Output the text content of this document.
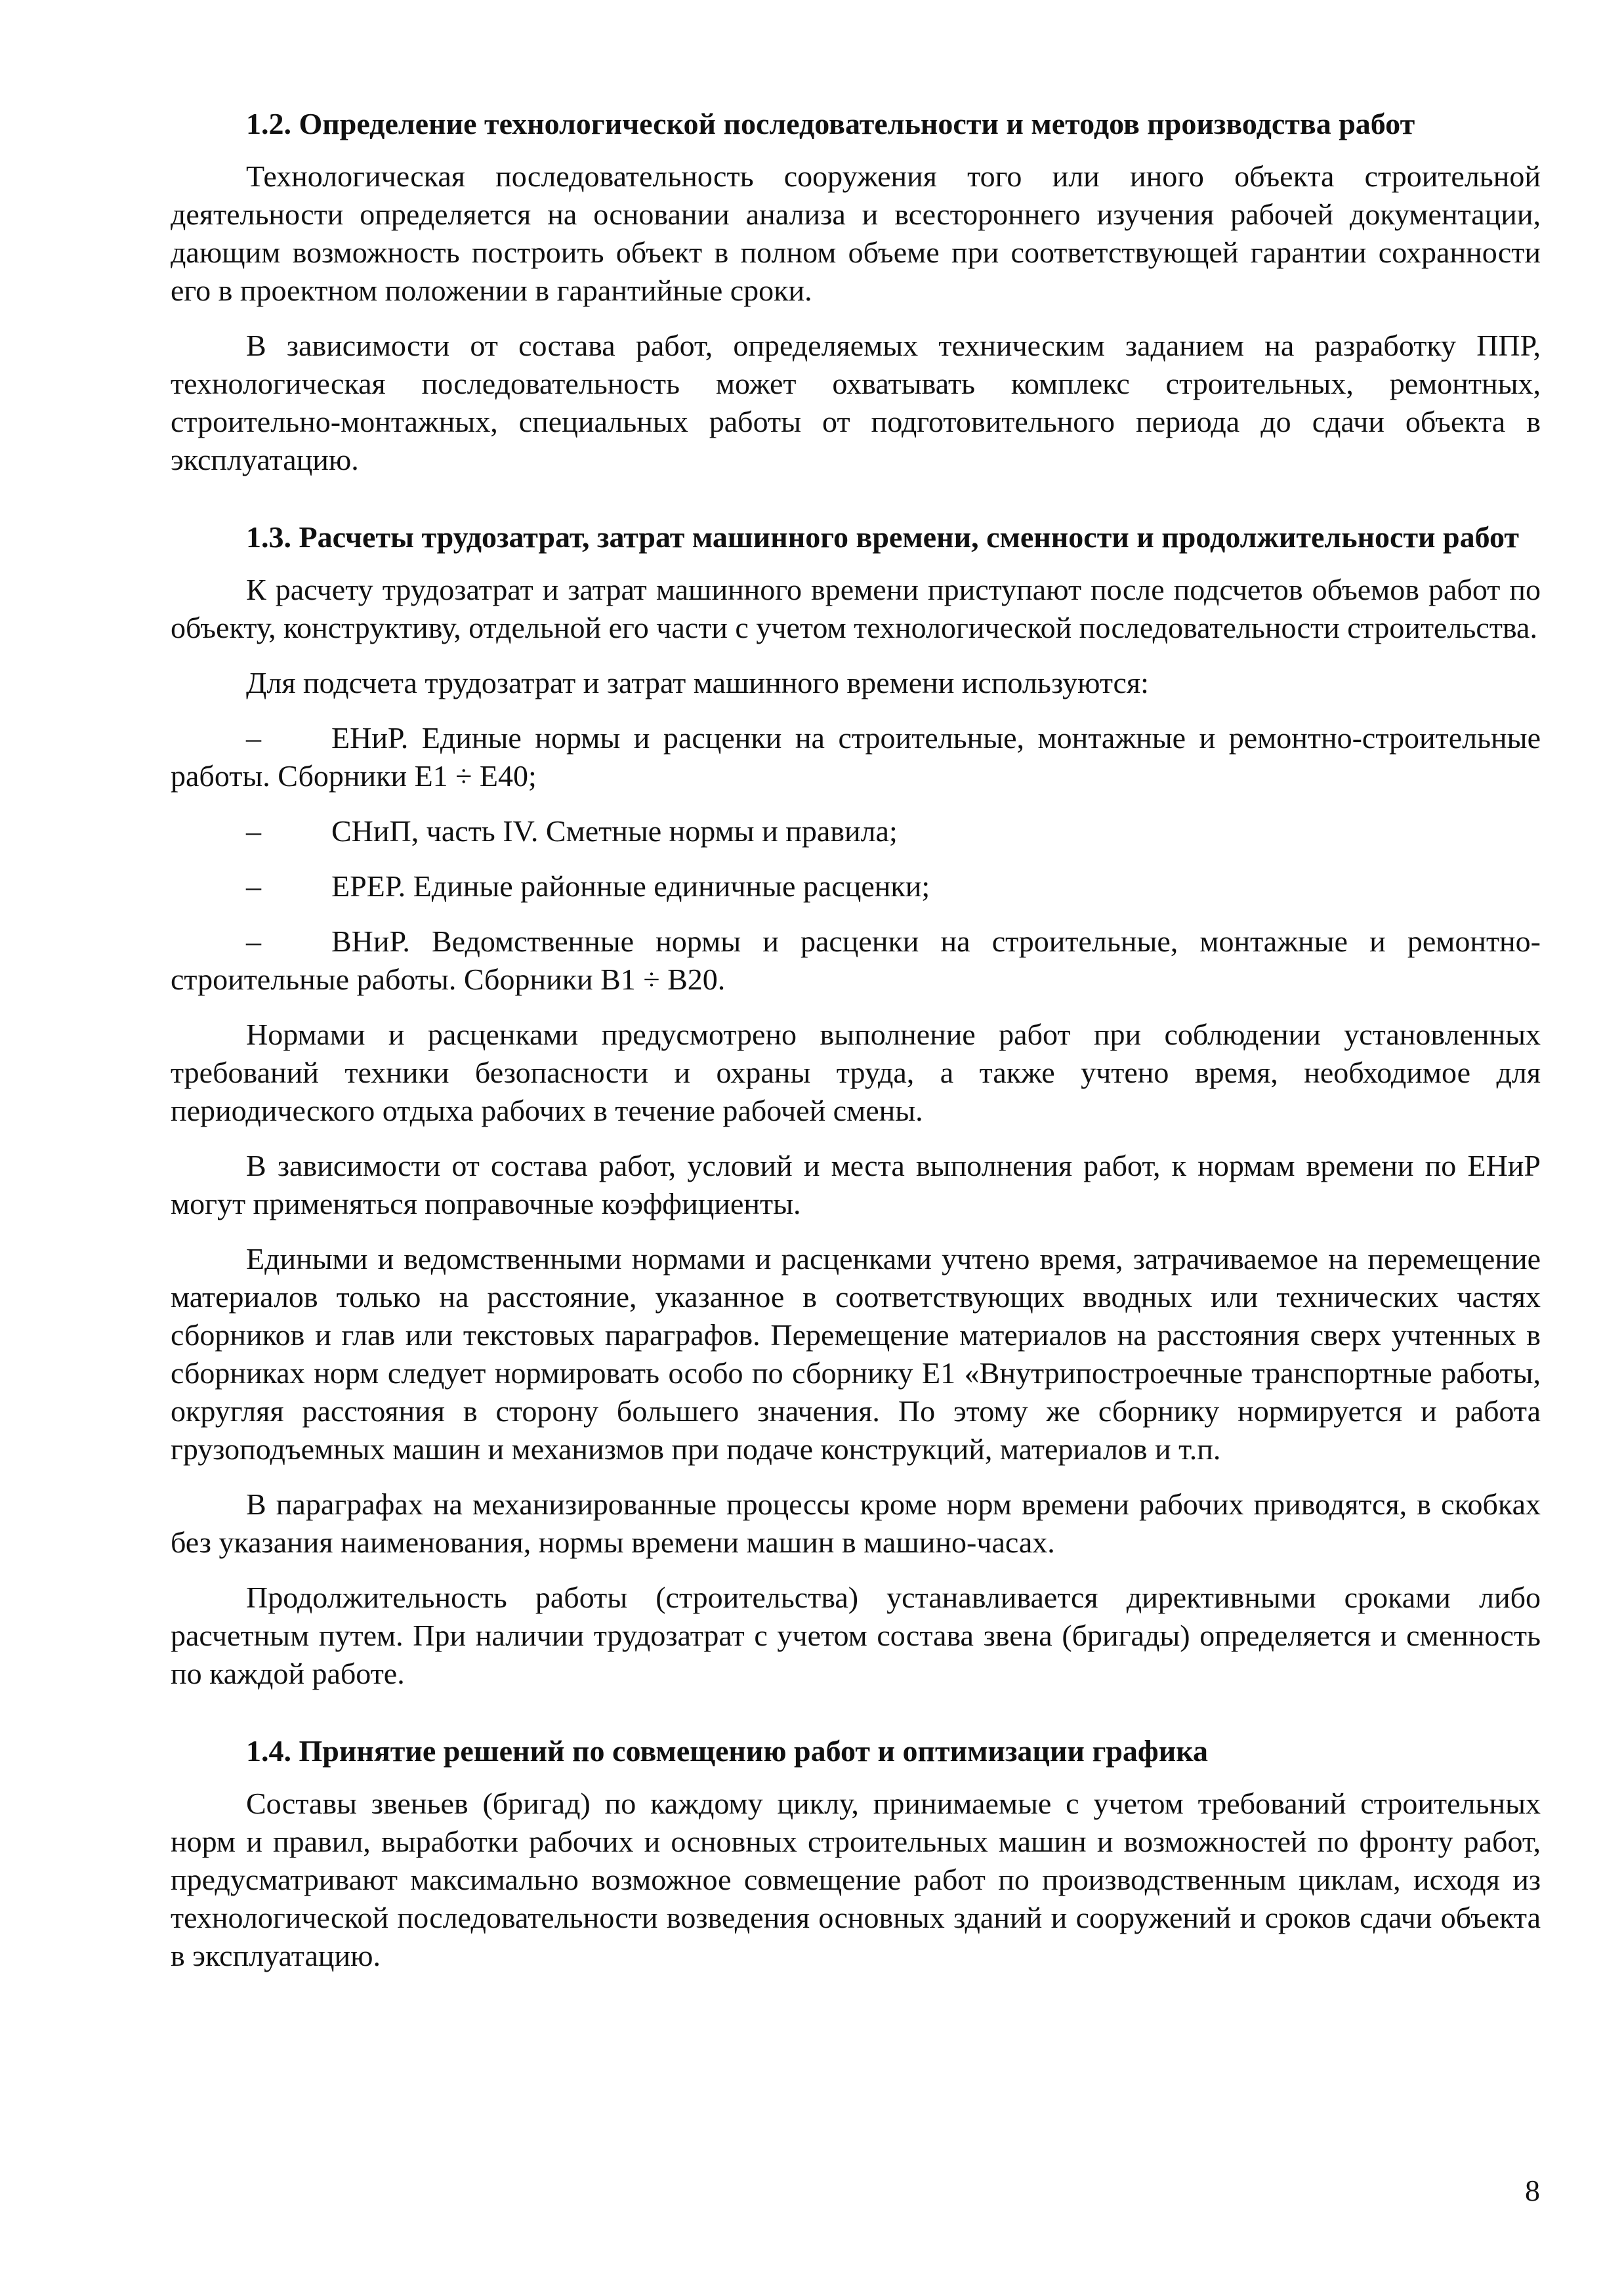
1.2. Определение технологической последовательности и методов производства работ

Технологическая последовательность сооружения того или иного объекта строительной деятельности определяется на основании анализа и всестороннего изучения рабочей документации, дающим возможность построить объект в полном объеме при соответствующей гарантии сохранности его в проектном положении в гарантийные сроки.

В зависимости от состава работ, определяемых техническим заданием на разработку ППР, технологическая последовательность может охватывать комплекс строительных, ремонтных, строительно-монтажных, специальных работы от подготовительного периода до сдачи объекта в эксплуатацию.

1.3. Расчеты трудозатрат, затрат машинного времени, сменности и продолжительности работ

К расчету трудозатрат и затрат машинного времени приступают после подсчетов объемов работ по объекту, конструктиву, отдельной его части с учетом технологической последовательности строительства.

Для подсчета трудозатрат и затрат машинного времени используются:

– ЕНиР. Единые нормы и расценки на строительные, монтажные и ремонтно-строительные работы. Сборники Е1 ÷ Е40;
– СНиП, часть IV. Сметные нормы и правила;
– ЕРЕР. Единые районные единичные расценки;
– ВНиР. Ведомственные нормы и расценки на строительные, монтажные и ремонтно-строительные работы. Сборники В1 ÷ В20.

Нормами и расценками предусмотрено выполнение работ при соблюдении установленных требований техники безопасности и охраны труда, а также учтено время, необходимое для периодического отдыха рабочих в течение рабочей смены.

В зависимости от состава работ, условий и места выполнения работ, к нормам времени по ЕНиР могут применяться поправочные коэффициенты.

Едиными и ведомственными нормами и расценками учтено время, затрачиваемое на перемещение материалов только на расстояние, указанное в соответствующих вводных или технических частях сборников и глав или текстовых параграфов. Перемещение материалов на расстояния сверх учтенных в сборниках норм следует нормировать особо по сборнику Е1 «Внутрипостроечные транспортные работы, округляя расстояния в сторону большего значения. По этому же сборнику нормируется и работа грузоподъемных машин и механизмов при подаче конструкций, материалов и т.п.

В параграфах на механизированные процессы кроме норм времени рабочих приводятся, в скобках без указания наименования, нормы времени машин в машино-часах.

Продолжительность работы (строительства) устанавливается директивными сроками либо расчетным путем. При наличии трудозатрат с учетом состава звена (бригады) определяется и сменность по каждой работе.

1.4. Принятие решений по совмещению работ и оптимизации графика

Составы звеньев (бригад) по каждому циклу, принимаемые с учетом требований строительных норм и правил, выработки рабочих и основных строительных машин и возможностей по фронту работ, предусматривают максимально возможное совмещение работ по производственным циклам, исходя из технологической последовательности возведения основных зданий и сооружений и сроков сдачи объекта в эксплуатацию.

8
